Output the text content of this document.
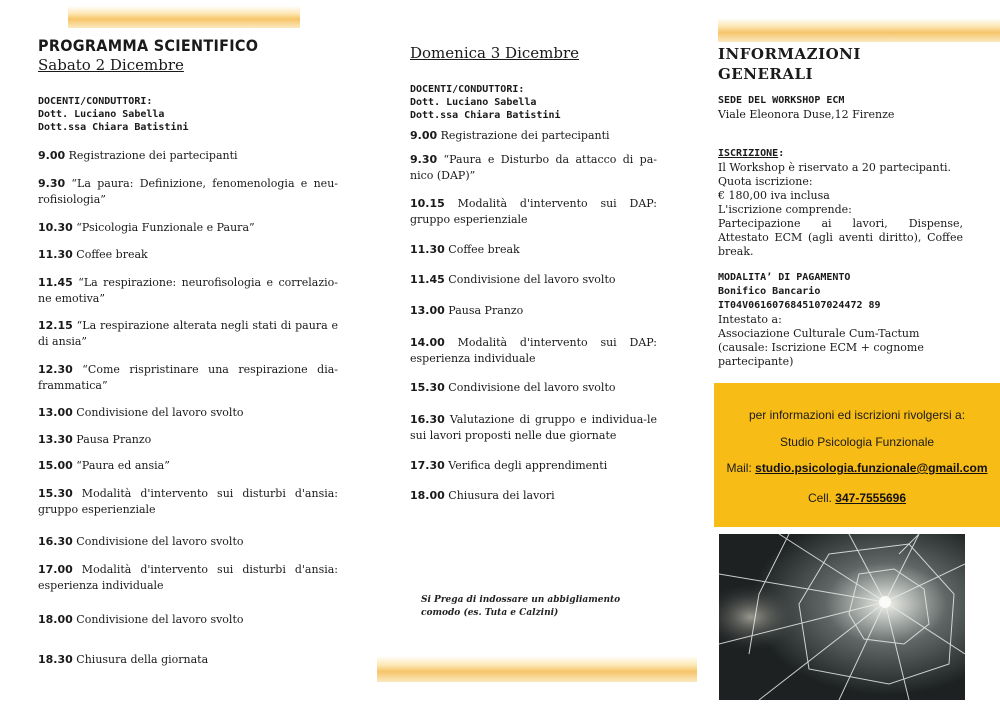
PROGRAMMA SCIENTIFICO
Sabato 2 Dicembre
DOCENTI/CONDUTTORI:
Dott. Luciano Sabella
Dott.ssa Chiara Batistini
9.00 Registrazione dei partecipanti
9.30 “La paura: Definizione, fenomenologia e neu-rofisiologia”
10.30 “Psicologia Funzionale e Paura”
11.30 Coffee break
11.45 “La respirazione: neurofisologia e correlazio-ne emotiva”
12.15 “La respirazione alterata negli stati di paura e di ansia”
12.30 “Come rispristinare una respirazione dia-frammatica”
13.00 Condivisione del lavoro svolto
13.30 Pausa Pranzo
15.00 “Paura ed ansia”
15.30 Modalità d'intervento sui disturbi d'ansia: gruppo esperienziale
16.30 Condivisione del lavoro svolto
17.00 Modalità d'intervento sui disturbi d'ansia: esperienza individuale
18.00 Condivisione del lavoro svolto
18.30 Chiusura della giornata
Domenica 3 Dicembre
DOCENTI/CONDUTTORI:
Dott. Luciano Sabella
Dott.ssa Chiara Batistini
9.00 Registrazione dei partecipanti
9.30 “Paura e Disturbo da attacco di pa-nico (DAP)”
10.15 Modalità d'intervento sui DAP: gruppo esperienziale
11.30 Coffee break
11.45 Condivisione del lavoro svolto
13.00 Pausa Pranzo
14.00 Modalità d'intervento sui DAP: esperienza individuale
15.30 Condivisione del lavoro svolto
16.30 Valutazione di gruppo e individua-le sui lavori proposti nelle due giornate
17.30 Verifica degli apprendimenti
18.00 Chiusura dei lavori
Si Prega di indossare un abbigliamento
comodo (es. Tuta e Calzini)
INFORMAZIONI
GENERALI
SEDE DEL WORKSHOP ECM
Viale Eleonora Duse,12 Firenze
ISCRIZIONE:
Il Workshop è riservato a 20 partecipanti.
Quota iscrizione:
€ 180,00 iva inclusa
L'iscrizione comprende:
Partecipazione ai lavori, Dispense, Attestato ECM (agli aventi diritto), Coffee break.
MODALITA’ DI PAGAMENTO
Bonifico Bancario
IT04V0616076845107024472 89
Intestato a:
Associazione Culturale Cum-Tactum
(causale: Iscrizione ECM + cognome partecipante)
per informazioni ed iscrizioni rivolgersi a:
Studio Psicologia Funzionale
Mail: studio.psicologia.funzionale@gmail.com
Cell. 347-7555696
